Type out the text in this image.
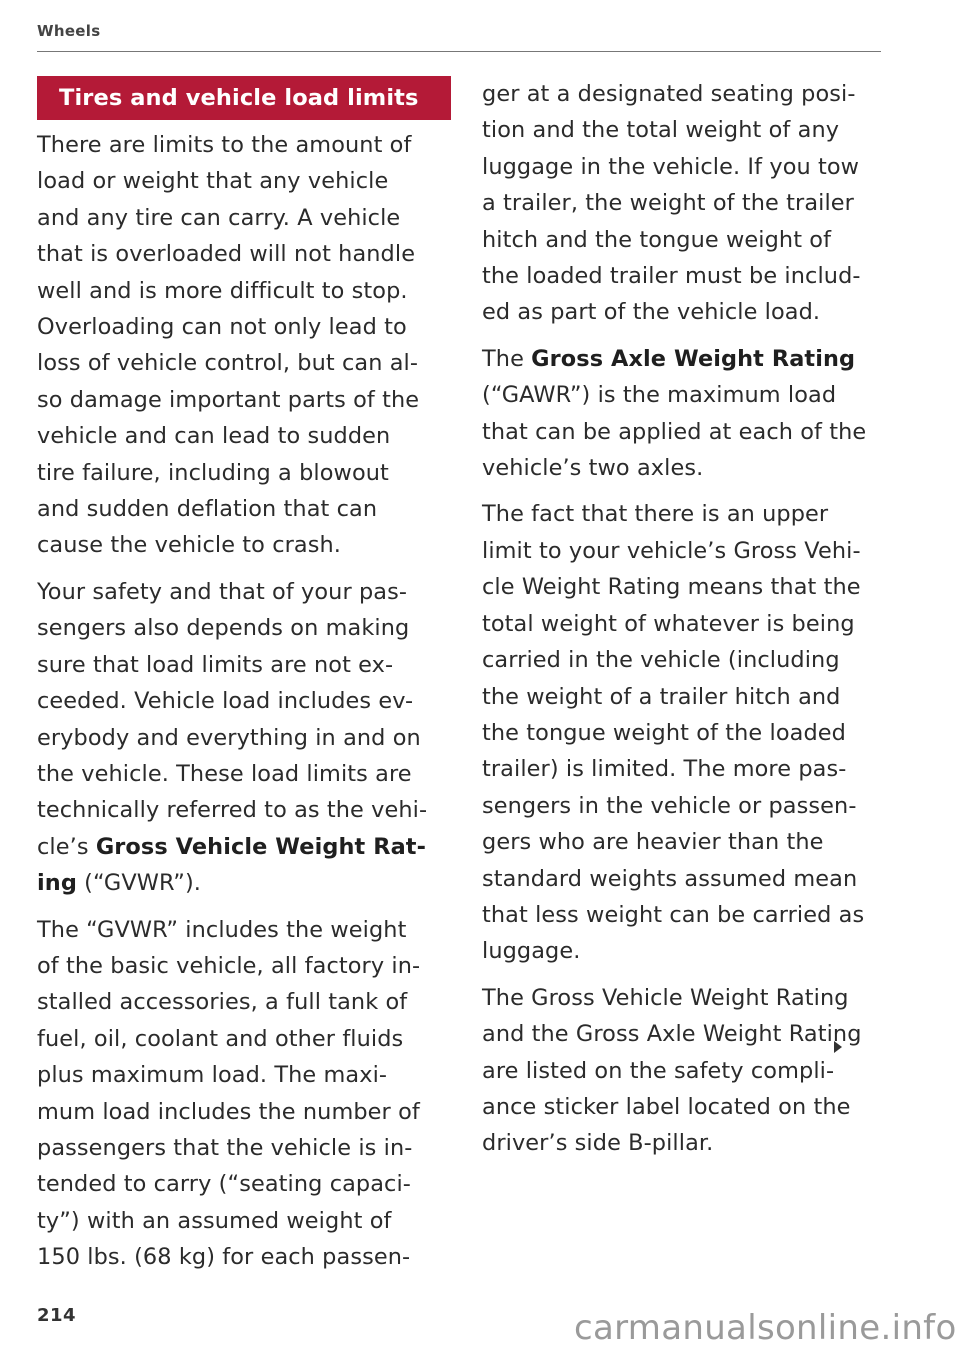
Wheels
Tires and vehicle load limits
There are limits to the amount of
load or weight that any vehicle
and any tire can carry. A vehicle
that is overloaded will not handle
well and is more difficult to stop.
Overloading can not only lead to
loss of vehicle control, but can al-
so damage important parts of the
vehicle and can lead to sudden
tire failure, including a blowout
and sudden deflation that can
cause the vehicle to crash.
Your safety and that of your pas-
sengers also depends on making
sure that load limits are not ex-
ceeded. Vehicle load includes ev-
erybody and everything in and on
the vehicle. These load limits are
technically referred to as the vehi-
cle’s Gross Vehicle Weight Rat-
ing (“GVWR”).
The “GVWR” includes the weight
of the basic vehicle, all factory in-
stalled accessories, a full tank of
fuel, oil, coolant and other fluids
plus maximum load. The maxi-
mum load includes the number of
passengers that the vehicle is in-
tended to carry (“seating capaci-
ty”) with an assumed weight of
150 lbs. (68 kg) for each passen-
ger at a designated seating posi-
tion and the total weight of any
luggage in the vehicle. If you tow
a trailer, the weight of the trailer
hitch and the tongue weight of
the loaded trailer must be includ-
ed as part of the vehicle load.
The Gross Axle Weight Rating
(“GAWR”) is the maximum load
that can be applied at each of the
vehicle’s two axles.
The fact that there is an upper
limit to your vehicle’s Gross Vehi-
cle Weight Rating means that the
total weight of whatever is being
carried in the vehicle (including
the weight of a trailer hitch and
the tongue weight of the loaded
trailer) is limited. The more pas-
sengers in the vehicle or passen-
gers who are heavier than the
standard weights assumed mean
that less weight can be carried as
luggage.
The Gross Vehicle Weight Rating
and the Gross Axle Weight Rating
are listed on the safety compli-
ance sticker label located on the
driver’s side B-pillar.
214	carmanualsonline.info
